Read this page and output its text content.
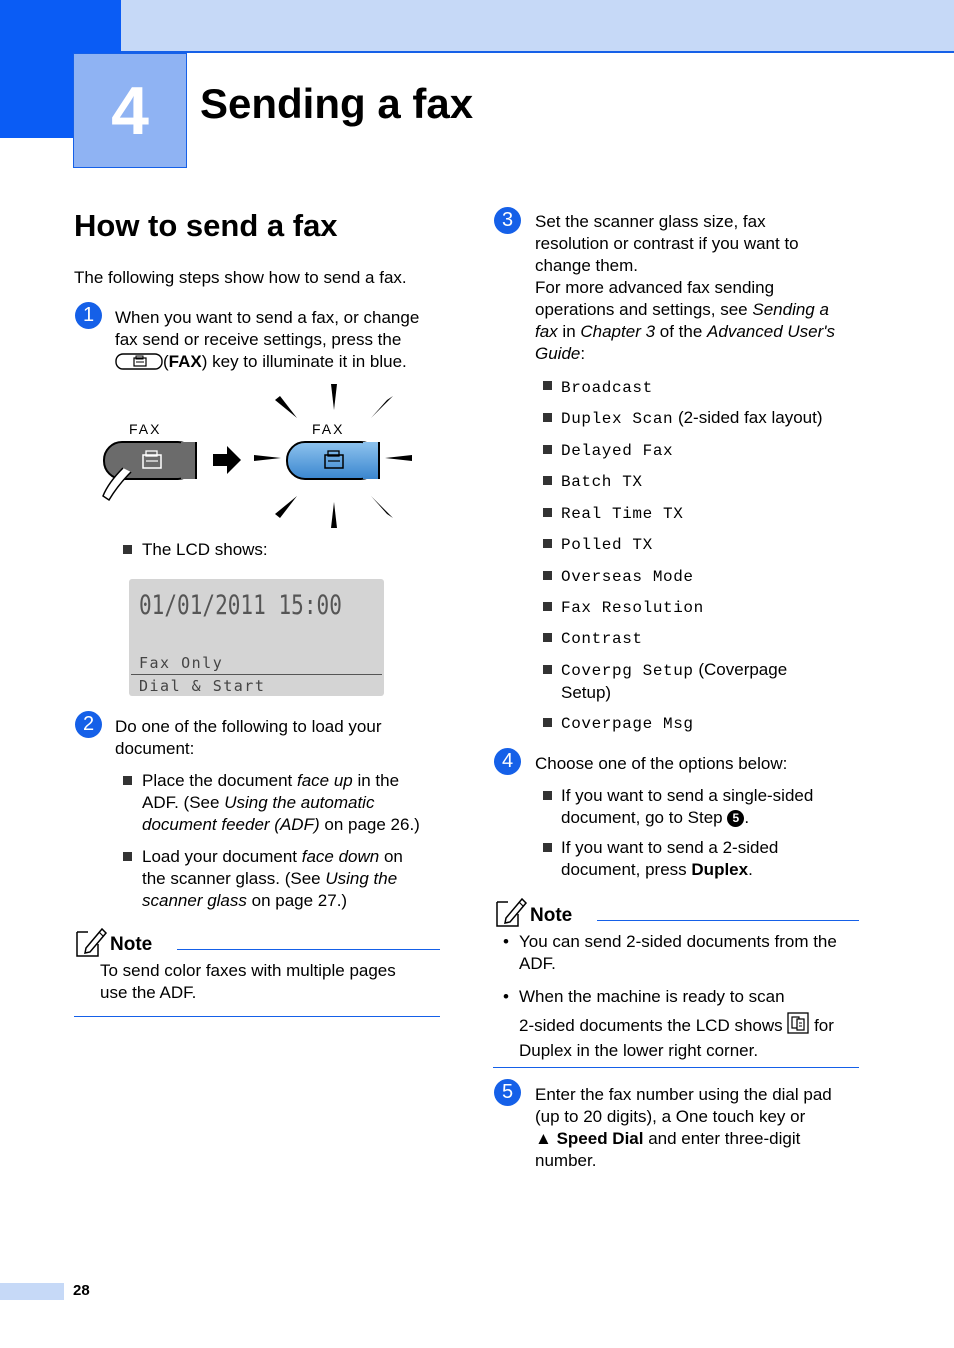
4	Sending a fax
How to send a fax
The following steps show how to send a fax.
1	When you want to send a fax, or change
fax send or receive settings, press the
(FAX) key to illuminate it in blue.
FAX	FAX
The LCD shows:
01/01/2011 15:00
Fax Only
Dial & Start
2	Do one of the following to load your
document:
Place the document face up in the
ADF. (See Using the automatic
document feeder (ADF) on page 26.)
Load your document face down on
the scanner glass. (See Using the
scanner glass on page 27.)
Note
To send color faxes with multiple pages
use the ADF.
3	Set the scanner glass size, fax
resolution or contrast if you want to
change them.
For more advanced fax sending
operations and settings, see Sending a
fax in Chapter 3 of the Advanced User's
Guide:
Broadcast
Duplex Scan (2-sided fax layout)
Delayed Fax
Batch TX
Real Time TX
Polled TX
Overseas Mode
Fax Resolution
Contrast
Coverpg Setup (Coverpage
Setup)
Coverpage Msg
4	Choose one of the options below:
If you want to send a single-sided
document, go to Step 5 .
If you want to send a 2-sided
document, press Duplex.
Note
• You can send 2-sided documents from the
ADF.
• When the machine is ready to scan
2-sided documents the LCD shows  for
Duplex in the lower right corner.
5	Enter the fax number using the dial pad
(up to 20 digits), a One touch key or
▲ Speed Dial and enter three-digit
number.
28
